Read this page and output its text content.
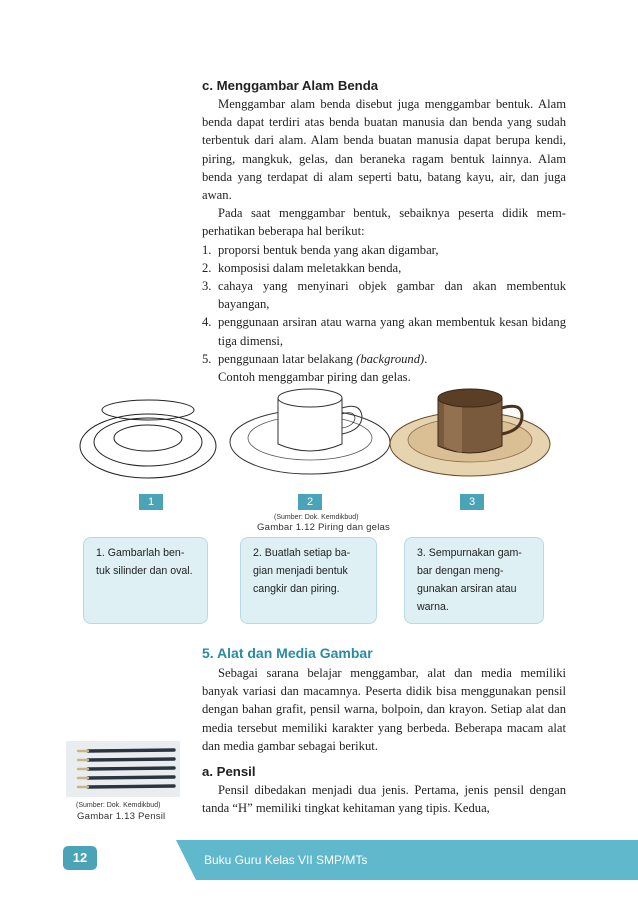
c. Menggambar Alam Benda

Menggambar alam benda disebut juga menggambar bentuk. Alam benda dapat terdiri atas benda buatan manusia dan benda yang sudah terbentuk dari alam. Alam benda buatan manusia dapat berupa kendi, piring, mangkuk, gelas, dan beraneka ragam bentuk lainnya. Alam benda yang terdapat di alam seperti batu, batang kayu, air, dan juga awan.

Pada saat menggambar bentuk, sebaiknya peserta didik mem-perhatikan beberapa hal berikut:

1. proporsi bentuk benda yang akan digambar,
2. komposisi dalam meletakkan benda,
3. cahaya yang menyinari objek gambar dan akan membentuk bayangan,
4. penggunaan arsiran atau warna yang akan membentuk kesan bidang tiga dimensi,
5. penggunaan latar belakang (background).

Contoh menggambar piring dan gelas.

1	2	3
(Sumber: Dok. Kemdikbud)
Gambar 1.12 Piring dan gelas
1. Gambarlah ben-tuk silinder dan oval.
2. Buatlah setiap ba-gian menjadi bentuk cangkir dan piring.
3. Sempurnakan gam-bar dengan meng-gunakan arsiran atau warna.

5. Alat dan Media Gambar

Sebagai sarana belajar menggambar, alat dan media memiliki banyak variasi dan macamnya. Peserta didik bisa menggunakan pensil dengan bahan grafit, pensil warna, bolpoin, dan krayon. Setiap alat dan media tersebut memiliki karakter yang berbeda. Beberapa macam alat dan media gambar sebagai berikut.

a. Pensil

Pensil dibedakan menjadi dua jenis. Pertama, jenis pensil dengan tanda “H” memiliki tingkat kehitaman yang tipis. Kedua,

(Sumber: Dok. Kemdikbud)
Gambar 1.13 Pensil
12	Buku Guru Kelas VII SMP/MTs
